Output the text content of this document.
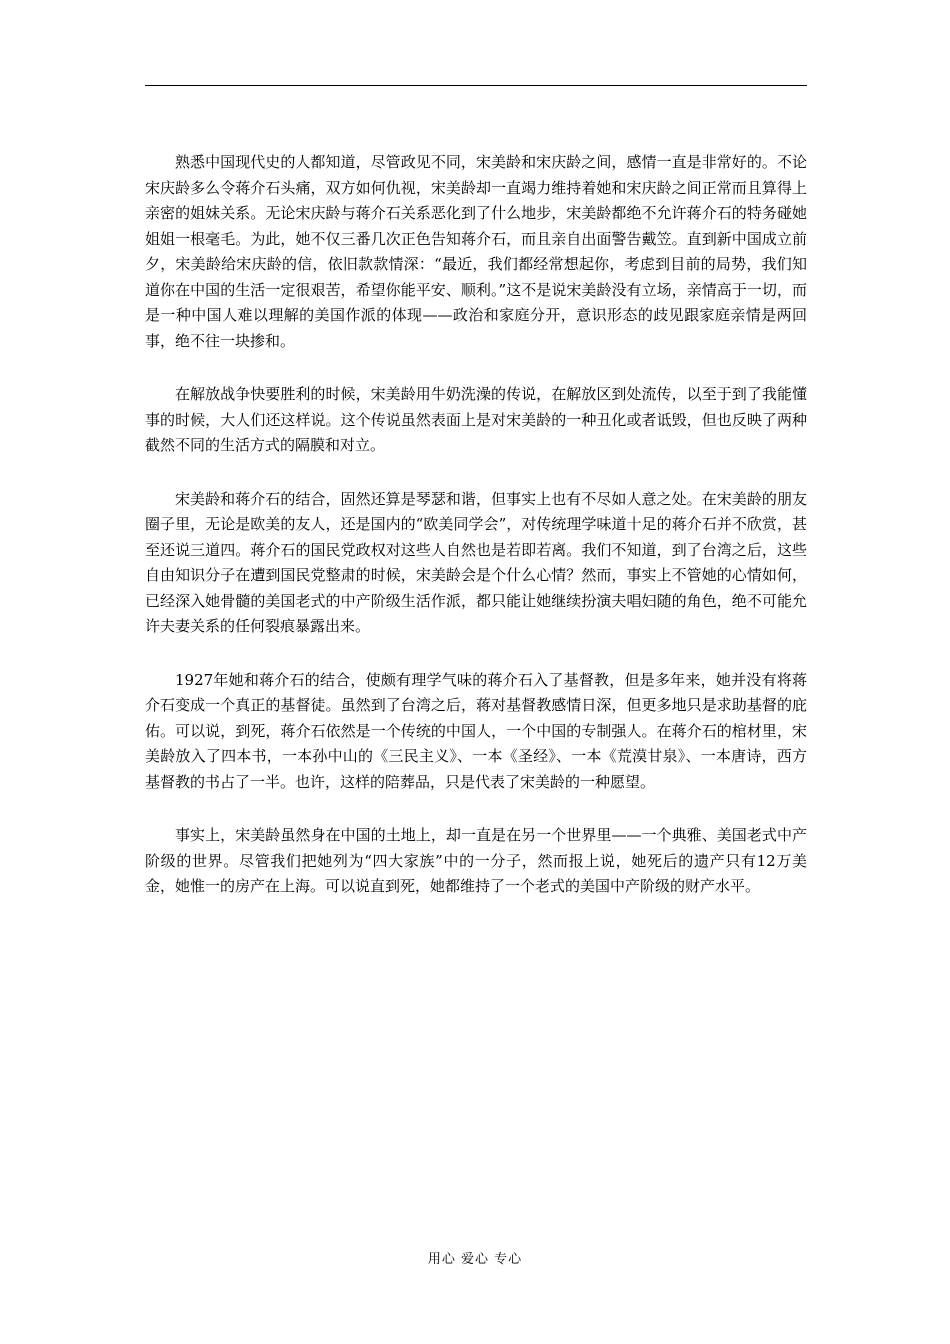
熟悉中国现代史的人都知道，尽管政见不同，宋美龄和宋庆龄之间，感情一直是非常好的。不论宋庆龄多么令蒋介石头痛，双方如何仇视，宋美龄却一直竭力维持着她和宋庆龄之间正常而且算得上亲密的姐妹关系。无论宋庆龄与蒋介石关系恶化到了什么地步，宋美龄都绝不允许蒋介石的特务碰她姐姐一根毫毛。为此，她不仅三番几次正色告知蒋介石，而且亲自出面警告戴笠。直到新中国成立前夕，宋美龄给宋庆龄的信，依旧款款情深：“最近，我们都经常想起你，考虑到目前的局势，我们知道你在中国的生活一定很艰苦，希望你能平安、顺利。”这不是说宋美龄没有立场，亲情高于一切，而是一种中国人难以理解的美国作派的体现——政治和家庭分开，意识形态的歧见跟家庭亲情是两回事，绝不往一块掺和。

在解放战争快要胜利的时候，宋美龄用牛奶洗澡的传说，在解放区到处流传，以至于到了我能懂事的时候，大人们还这样说。这个传说虽然表面上是对宋美龄的一种丑化或者诋毁，但也反映了两种截然不同的生活方式的隔膜和对立。

宋美龄和蒋介石的结合，固然还算是琴瑟和谐，但事实上也有不尽如人意之处。在宋美龄的朋友圈子里，无论是欧美的友人，还是国内的“欧美同学会”，对传统理学味道十足的蒋介石并不欣赏，甚至还说三道四。蒋介石的国民党政权对这些人自然也是若即若离。我们不知道，到了台湾之后，这些自由知识分子在遭到国民党整肃的时候，宋美龄会是个什么心情？然而，事实上不管她的心情如何，已经深入她骨髓的美国老式的中产阶级生活作派，都只能让她继续扮演夫唱妇随的角色，绝不可能允许夫妻关系的任何裂痕暴露出来。

1927年她和蒋介石的结合，使颇有理学气味的蒋介石入了基督教，但是多年来，她并没有将蒋介石变成一个真正的基督徒。虽然到了台湾之后，蒋对基督教感情日深，但更多地只是求助基督的庇佑。可以说，到死，蒋介石依然是一个传统的中国人，一个中国的专制强人。在蒋介石的棺材里，宋美龄放入了四本书，一本孙中山的《三民主义》、一本《圣经》、一本《荒漠甘泉》、一本唐诗，西方基督教的书占了一半。也许，这样的陪葬品，只是代表了宋美龄的一种愿望。

事实上，宋美龄虽然身在中国的土地上，却一直是在另一个世界里——一个典雅、美国老式中产阶级的世界。尽管我们把她列为“四大家族”中的一分子，然而报上说，她死后的遗产只有12万美金，她惟一的房产在上海。可以说直到死，她都维持了一个老式的美国中产阶级的财产水平。

用心 爱心 专心
